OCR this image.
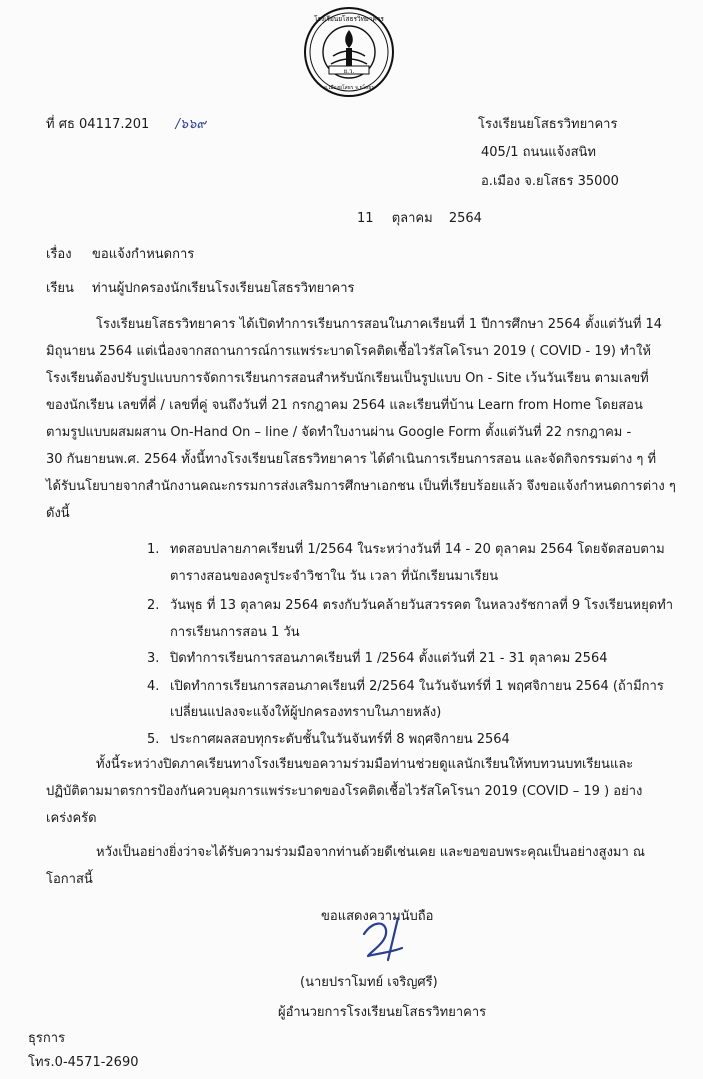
ย.ว.
โรงเรียนยโสธรวิทยาคาร
อ.เมืองยโสธร จ.ยโสธร
ที่ ศธ 04117.201 /๖๖๙	โรงเรียนยโสธรวิทยาคาร
405/1 ถนนแจ้งสนิท
อ.เมือง จ.ยโสธร 35000
11 ตุลาคม 2564
เรื่อง ขอแจ้งกำหนดการ
เรียน ท่านผู้ปกครองนักเรียนโรงเรียนยโสธรวิทยาคาร
โรงเรียนยโสธรวิทยาคาร ได้เปิดทำการเรียนการสอนในภาคเรียนที่ 1 ปีการศึกษา 2564 ตั้งแต่วันที่ 14
มิถุนายน 2564 แต่เนื่องจากสถานการณ์การแพร่ระบาดโรคติดเชื้อไวรัสโคโรนา 2019 ( COVID - 19) ทำให้
โรงเรียนต้องปรับรูปแบบการจัดการเรียนการสอนสำหรับนักเรียนเป็นรูปแบบ On - Site เว้นวันเรียน ตามเลขที่
ของนักเรียน เลขที่คี่ / เลขที่คู่ จนถึงวันที่ 21 กรกฎาคม 2564 และเรียนที่บ้าน Learn from Home โดยสอน
ตามรูปแบบผสมผสาน On-Hand On – line / จัดทำใบงานผ่าน Google Form ตั้งแต่วันที่ 22 กรกฎาคม -
30 กันยายนพ.ศ. 2564 ทั้งนี้ทางโรงเรียนยโสธรวิทยาคาร ได้ดำเนินการเรียนการสอน และจัดกิจกรรมต่าง ๆ ที่
ได้รับนโยบายจากสำนักงานคณะกรรมการส่งเสริมการศึกษาเอกชน เป็นที่เรียบร้อยแล้ว จึงขอแจ้งกำหนดการต่าง ๆ
ดังนี้
1. ทดสอบปลายภาคเรียนที่ 1/2564 ในระหว่างวันที่ 14 - 20 ตุลาคม 2564 โดยจัดสอบตาม
ตารางสอนของครูประจำวิชาใน วัน เวลา ที่นักเรียนมาเรียน
2. วันพุธ ที่ 13 ตุลาคม 2564 ตรงกับวันคล้ายวันสวรรคต ในหลวงรัชกาลที่ 9 โรงเรียนหยุดทำ
การเรียนการสอน 1 วัน
3. ปิดทำการเรียนการสอนภาคเรียนที่ 1 /2564 ตั้งแต่วันที่ 21 - 31 ตุลาคม 2564
4. เปิดทำการเรียนการสอนภาคเรียนที่ 2/2564 ในวันจันทร์ที่ 1 พฤศจิกายน 2564 (ถ้ามีการ
เปลี่ยนแปลงจะแจ้งให้ผู้ปกครองทราบในภายหลัง)
5. ประกาศผลสอบทุกระดับชั้นในวันจันทร์ที่ 8 พฤศจิกายน 2564
ทั้งนี้ระหว่างปิดภาคเรียนทางโรงเรียนขอความร่วมมือท่านช่วยดูแลนักเรียนให้ทบทวนบทเรียนและ
ปฏิบัติตามมาตรการป้องกันควบคุมการแพร่ระบาดของโรคติดเชื้อไวรัสโคโรนา 2019 (COVID – 19 ) อย่าง
เคร่งครัด
หวังเป็นอย่างยิ่งว่าจะได้รับความร่วมมือจากท่านด้วยดีเช่นเคย และขอขอบพระคุณเป็นอย่างสูงมา ณ
โอกาสนี้
ขอแสดงความนับถือ
(นายปราโมทย์ เจริญศรี)
ผู้อำนวยการโรงเรียนยโสธรวิทยาคาร
ธุรการ
โทร.0-4571-2690
